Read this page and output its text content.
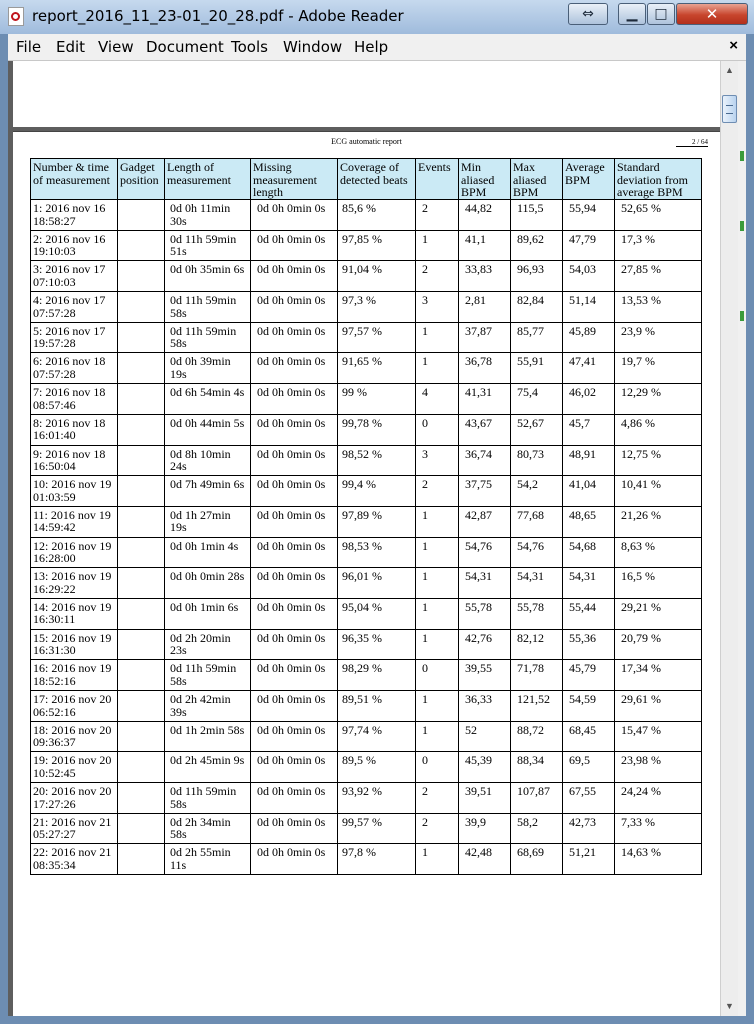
report_2016_11_23-01_20_28.pdf - Adobe Reader	⇔	▁	□	✕
File Edit View Document Tools Window Help	×
ECG automatic report	2 / 64
Number & time of measurement	Gadget position	Length of measurement	Missing measurement length	Coverage of detected beats	Events	Min aliased BPM	Max aliased BPM	Average BPM	Standard deviation from average BPM
1: 2016 nov 16 18:58:27		0d 0h 11min 30s	0d 0h 0min 0s	85,6 %	2	44,82	115,5	55,94	52,65 %
2: 2016 nov 16 19:10:03		0d 11h 59min 51s	0d 0h 0min 0s	97,85 %	1	41,1	89,62	47,79	17,3 %
3: 2016 nov 17 07:10:03		0d 0h 35min 6s	0d 0h 0min 0s	91,04 %	2	33,83	96,93	54,03	27,85 %
4: 2016 nov 17 07:57:28		0d 11h 59min 58s	0d 0h 0min 0s	97,3 %	3	2,81	82,84	51,14	13,53 %
5: 2016 nov 17 19:57:28		0d 11h 59min 58s	0d 0h 0min 0s	97,57 %	1	37,87	85,77	45,89	23,9 %
6: 2016 nov 18 07:57:28		0d 0h 39min 19s	0d 0h 0min 0s	91,65 %	1	36,78	55,91	47,41	19,7 %
7: 2016 nov 18 08:57:46		0d 6h 54min 4s	0d 0h 0min 0s	99 %	4	41,31	75,4	46,02	12,29 %
8: 2016 nov 18 16:01:40		0d 0h 44min 5s	0d 0h 0min 0s	99,78 %	0	43,67	52,67	45,7	4,86 %
9: 2016 nov 18 16:50:04		0d 8h 10min 24s	0d 0h 0min 0s	98,52 %	3	36,74	80,73	48,91	12,75 %
10: 2016 nov 19 01:03:59		0d 7h 49min 6s	0d 0h 0min 0s	99,4 %	2	37,75	54,2	41,04	10,41 %
11: 2016 nov 19 14:59:42		0d 1h 27min 19s	0d 0h 0min 0s	97,89 %	1	42,87	77,68	48,65	21,26 %
12: 2016 nov 19 16:28:00		0d 0h 1min 4s	0d 0h 0min 0s	98,53 %	1	54,76	54,76	54,68	8,63 %
13: 2016 nov 19 16:29:22		0d 0h 0min 28s	0d 0h 0min 0s	96,01 %	1	54,31	54,31	54,31	16,5 %
14: 2016 nov 19 16:30:11		0d 0h 1min 6s	0d 0h 0min 0s	95,04 %	1	55,78	55,78	55,44	29,21 %
15: 2016 nov 19 16:31:30		0d 2h 20min 23s	0d 0h 0min 0s	96,35 %	1	42,76	82,12	55,36	20,79 %
16: 2016 nov 19 18:52:16		0d 11h 59min 58s	0d 0h 0min 0s	98,29 %	0	39,55	71,78	45,79	17,34 %
17: 2016 nov 20 06:52:16		0d 2h 42min 39s	0d 0h 0min 0s	89,51 %	1	36,33	121,52	54,59	29,61 %
18: 2016 nov 20 09:36:37		0d 1h 2min 58s	0d 0h 0min 0s	97,74 %	1	52	88,72	68,45	15,47 %
19: 2016 nov 20 10:52:45		0d 2h 45min 9s	0d 0h 0min 0s	89,5 %	0	45,39	88,34	69,5	23,98 %
20: 2016 nov 20 17:27:26		0d 11h 59min 58s	0d 0h 0min 0s	93,92 %	2	39,51	107,87	67,55	24,24 %
21: 2016 nov 21 05:27:27		0d 2h 34min 58s	0d 0h 0min 0s	99,57 %	2	39,9	58,2	42,73	7,33 %
22: 2016 nov 21 08:35:34		0d 2h 55min 11s	0d 0h 0min 0s	97,8 %	1	42,48	68,69	51,21	14,63 %
▲
▼
